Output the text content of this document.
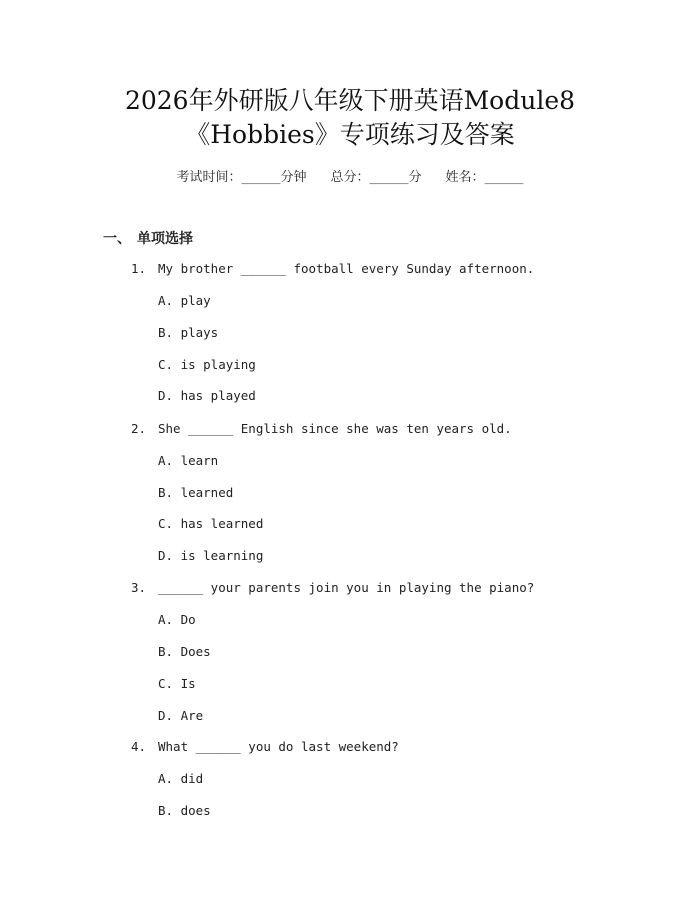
2026年外研版八年级下册英语Module8
《Hobbies》专项练习及答案
考试时间：______分钟 总分：______分 姓名：______
一、 单项选择
1. My brother ______ football every Sunday afternoon.
A. play
B. plays
C. is playing
D. has played
2. She ______ English since she was ten years old.
A. learn
B. learned
C. has learned
D. is learning
3. ______ your parents join you in playing the piano?
A. Do
B. Does
C. Is
D. Are
4. What ______ you do last weekend?
A. did
B. does
